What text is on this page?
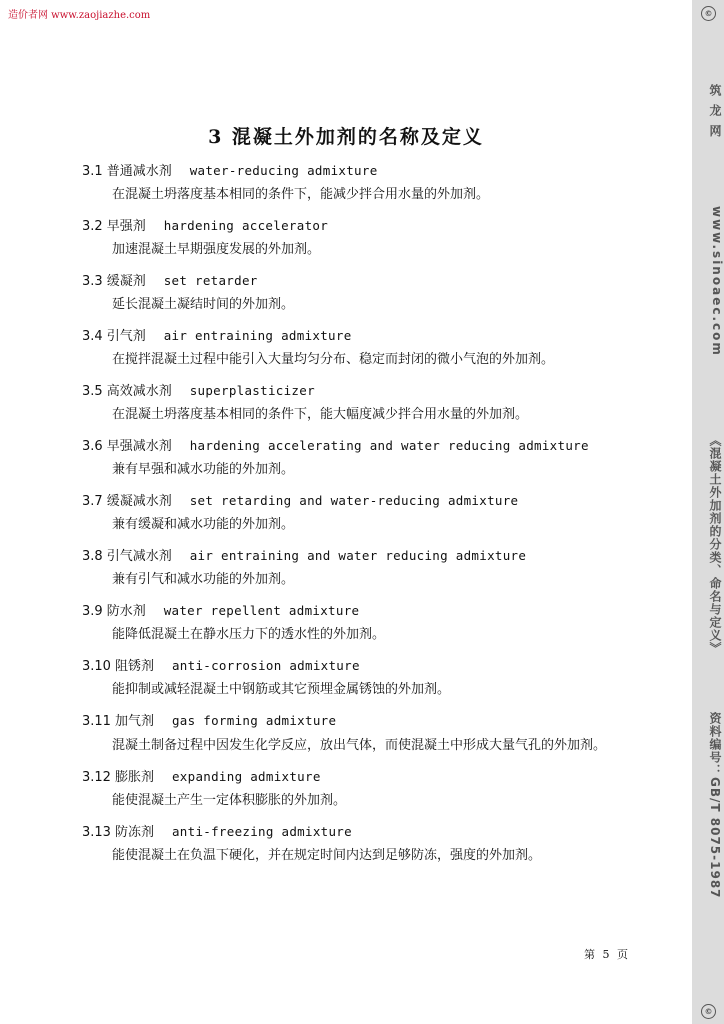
造价者网 www.zaojiazhe.com
3 混凝土外加剂的名称及定义
3.1 普通减水剂 water-reducing admixture
在混凝土坍落度基本相同的条件下，能减少拌合用水量的外加剂。
3.2 早强剂 hardening accelerator
加速混凝土早期强度发展的外加剂。
3.3 缓凝剂 set retarder
延长混凝土凝结时间的外加剂。
3.4 引气剂 air entraining admixture
在搅拌混凝土过程中能引入大量均匀分布、稳定而封闭的微小气泡的外加剂。
3.5 高效减水剂 superplasticizer
在混凝土坍落度基本相同的条件下，能大幅度减少拌合用水量的外加剂。
3.6 早强减水剂 hardening accelerating and water reducing admixture
兼有早强和减水功能的外加剂。
3.7 缓凝减水剂 set retarding and water-reducing admixture
兼有缓凝和减水功能的外加剂。
3.8 引气减水剂 air entraining and water reducing admixture
兼有引气和减水功能的外加剂。
3.9 防水剂 water repellent admixture
能降低混凝土在静水压力下的透水性的外加剂。
3.10 阻锈剂 anti-corrosion admixture
能抑制或减轻混凝土中钢筋或其它预埋金属锈蚀的外加剂。
3.11 加气剂 gas forming admixture
混凝土制备过程中因发生化学反应，放出气体，而使混凝土中形成大量气孔的外加剂。
3.12 膨胀剂 expanding admixture
能使混凝土产生一定体积膨胀的外加剂。
3.13 防冻剂 anti-freezing admixture
能使混凝土在负温下硬化，并在规定时间内达到足够防冻，强度的外加剂。
第 5 页
©
筑 龙 网
www.sinoaec.com
《混凝土外加剂的分类、命名与定义》
资料编号：GB/T 8075-1987
©
